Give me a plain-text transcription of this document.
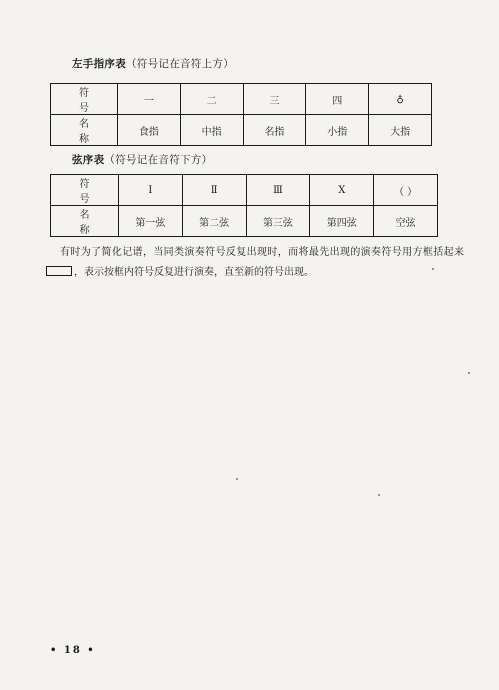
左手指序表（符号记在音符上方）
符号	一	二	三	四	♁
名称	食指	中指	名指	小指	大指
弦序表（符号记在音符下方）
符号	Ⅰ	Ⅱ	Ⅲ	Ⅹ	（ ）
名称	第一弦	第二弦	第三弦	第四弦	空弦

有时为了简化记谱，当同类演奏符号反复出现时，而将最先出现的演奏符号用方框括起来，表示按框内符号反复进行演奏，直至新的符号出现。

• 18 •
